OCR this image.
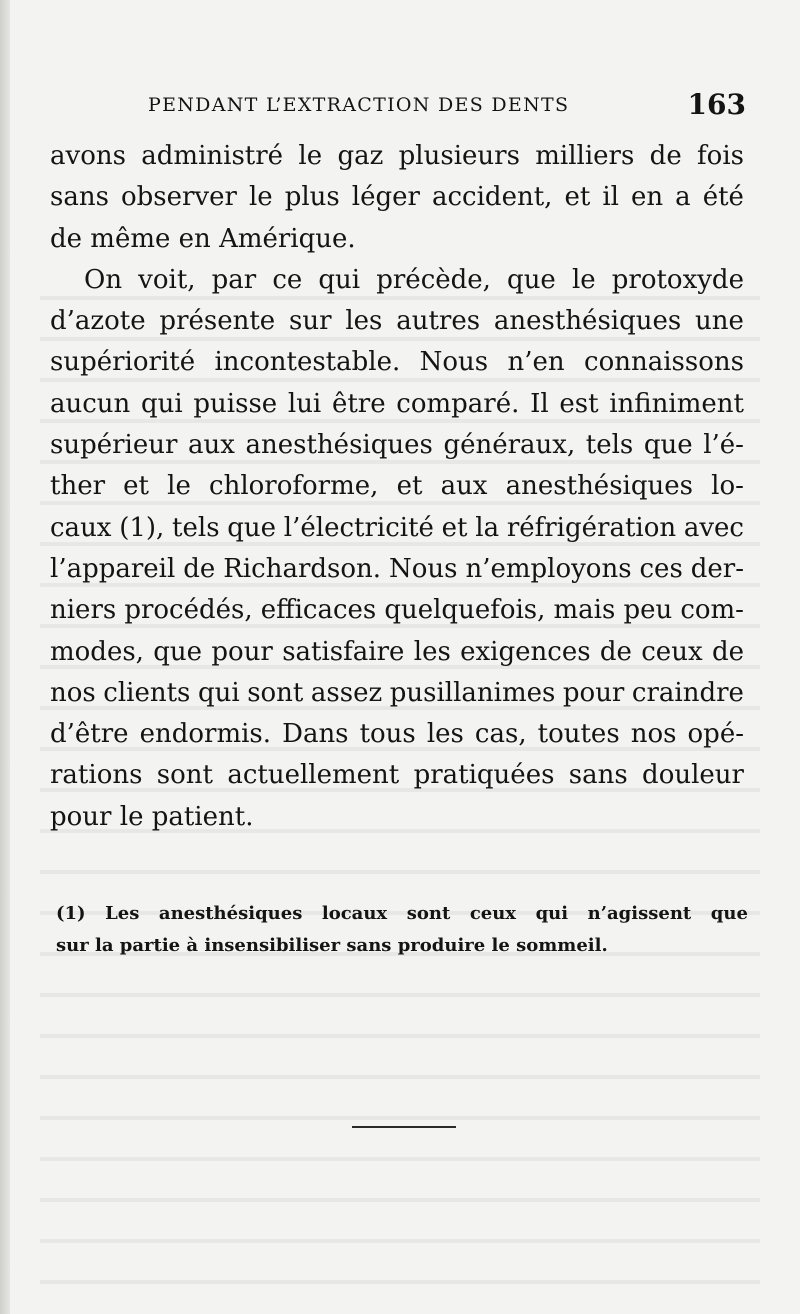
PENDANT L’EXTRACTION DES DENTS	163
avons administré le gaz plusieurs milliers de fois
sans observer le plus léger accident, et il en a été
de même en Amérique.
On voit, par ce qui précède, que le protoxyde
d’azote présente sur les autres anesthésiques une
supériorité incontestable. Nous n’en connaissons
aucun qui puisse lui être comparé. Il est infiniment
supérieur aux anesthésiques généraux, tels que l’é-
ther et le chloroforme, et aux anesthésiques lo-
caux (1), tels que l’électricité et la réfrigération avec
l’appareil de Richardson. Nous n’employons ces der-
niers procédés, efficaces quelquefois, mais peu com-
modes, que pour satisfaire les exigences de ceux de
nos clients qui sont assez pusillanimes pour craindre
d’être endormis. Dans tous les cas, toutes nos opé-
rations sont actuellement pratiquées sans douleur
pour le patient.
(1) Les anesthésiques locaux sont ceux qui n’agissent que
sur la partie à insensibiliser sans produire le sommeil.
